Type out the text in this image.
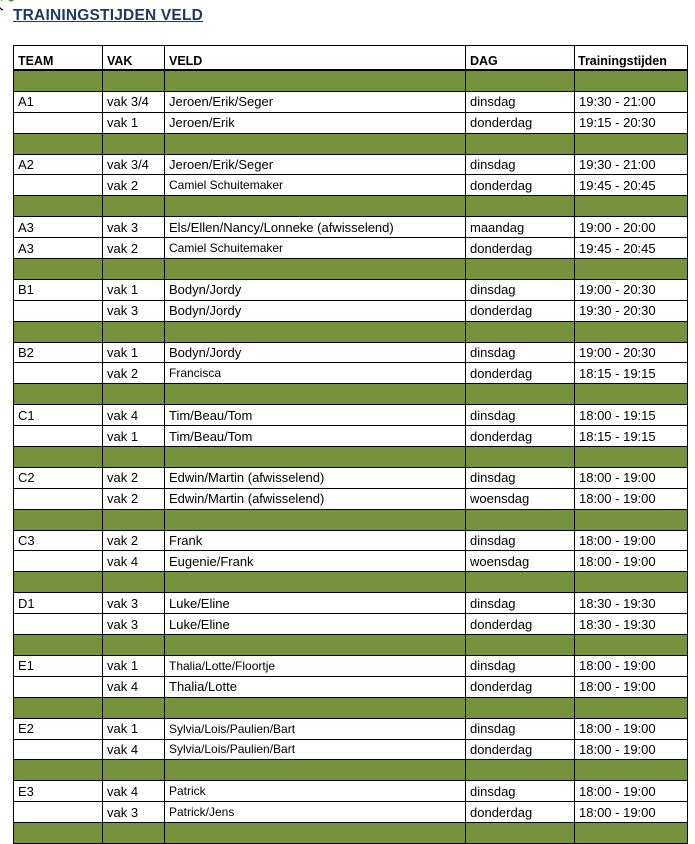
TRAININGSTIJDEN VELD
TEAM	VAK	VELD	DAG	Trainingstijden

A1	vak 3/4	Jeroen/Erik/Seger	dinsdag	19:30 - 21:00
	vak 1	Jeroen/Erik	donderdag	19:15 - 20:30

A2	vak 3/4	Jeroen/Erik/Seger	dinsdag	19:30 - 21:00
	vak 2	Camiel Schuitemaker	donderdag	19:45 - 20:45

A3	vak 3	Els/Ellen/Nancy/Lonneke (afwisselend)	maandag	19:00 - 20:00
A3	vak 2	Camiel Schuitemaker	donderdag	19:45 - 20:45

B1	vak 1	Bodyn/Jordy	dinsdag	19:00 - 20:30
	vak 3	Bodyn/Jordy	donderdag	19:30 - 20:30

B2	vak 1	Bodyn/Jordy	dinsdag	19:00 - 20:30
	vak 2	Francisca	donderdag	18:15 - 19:15

C1	vak 4	Tim/Beau/Tom	dinsdag	18:00 - 19:15
	vak 1	Tim/Beau/Tom	donderdag	18:15 - 19:15

C2	vak 2	Edwin/Martin (afwisselend)	dinsdag	18:00 - 19:00
	vak 2	Edwin/Martin (afwisselend)	woensdag	18:00 - 19:00

C3	vak 2	Frank	dinsdag	18:00 - 19:00
	vak 4	Eugenie/Frank	woensdag	18:00 - 19:00

D1	vak 3	Luke/Eline	dinsdag	18:30 - 19:30
	vak 3	Luke/Eline	donderdag	18:30 - 19:30

E1	vak 1	Thalia/Lotte/Floortje	dinsdag	18:00 - 19:00
	vak 4	Thalia/Lotte	donderdag	18:00 - 19:00

E2	vak 1	Sylvia/Lois/Paulien/Bart	dinsdag	18:00 - 19:00
	vak 4	Sylvia/Lois/Paulien/Bart	donderdag	18:00 - 19:00

E3	vak 4	Patrick	dinsdag	18:00 - 19:00
	vak 3	Patrick/Jens	donderdag	18:00 - 19:00
